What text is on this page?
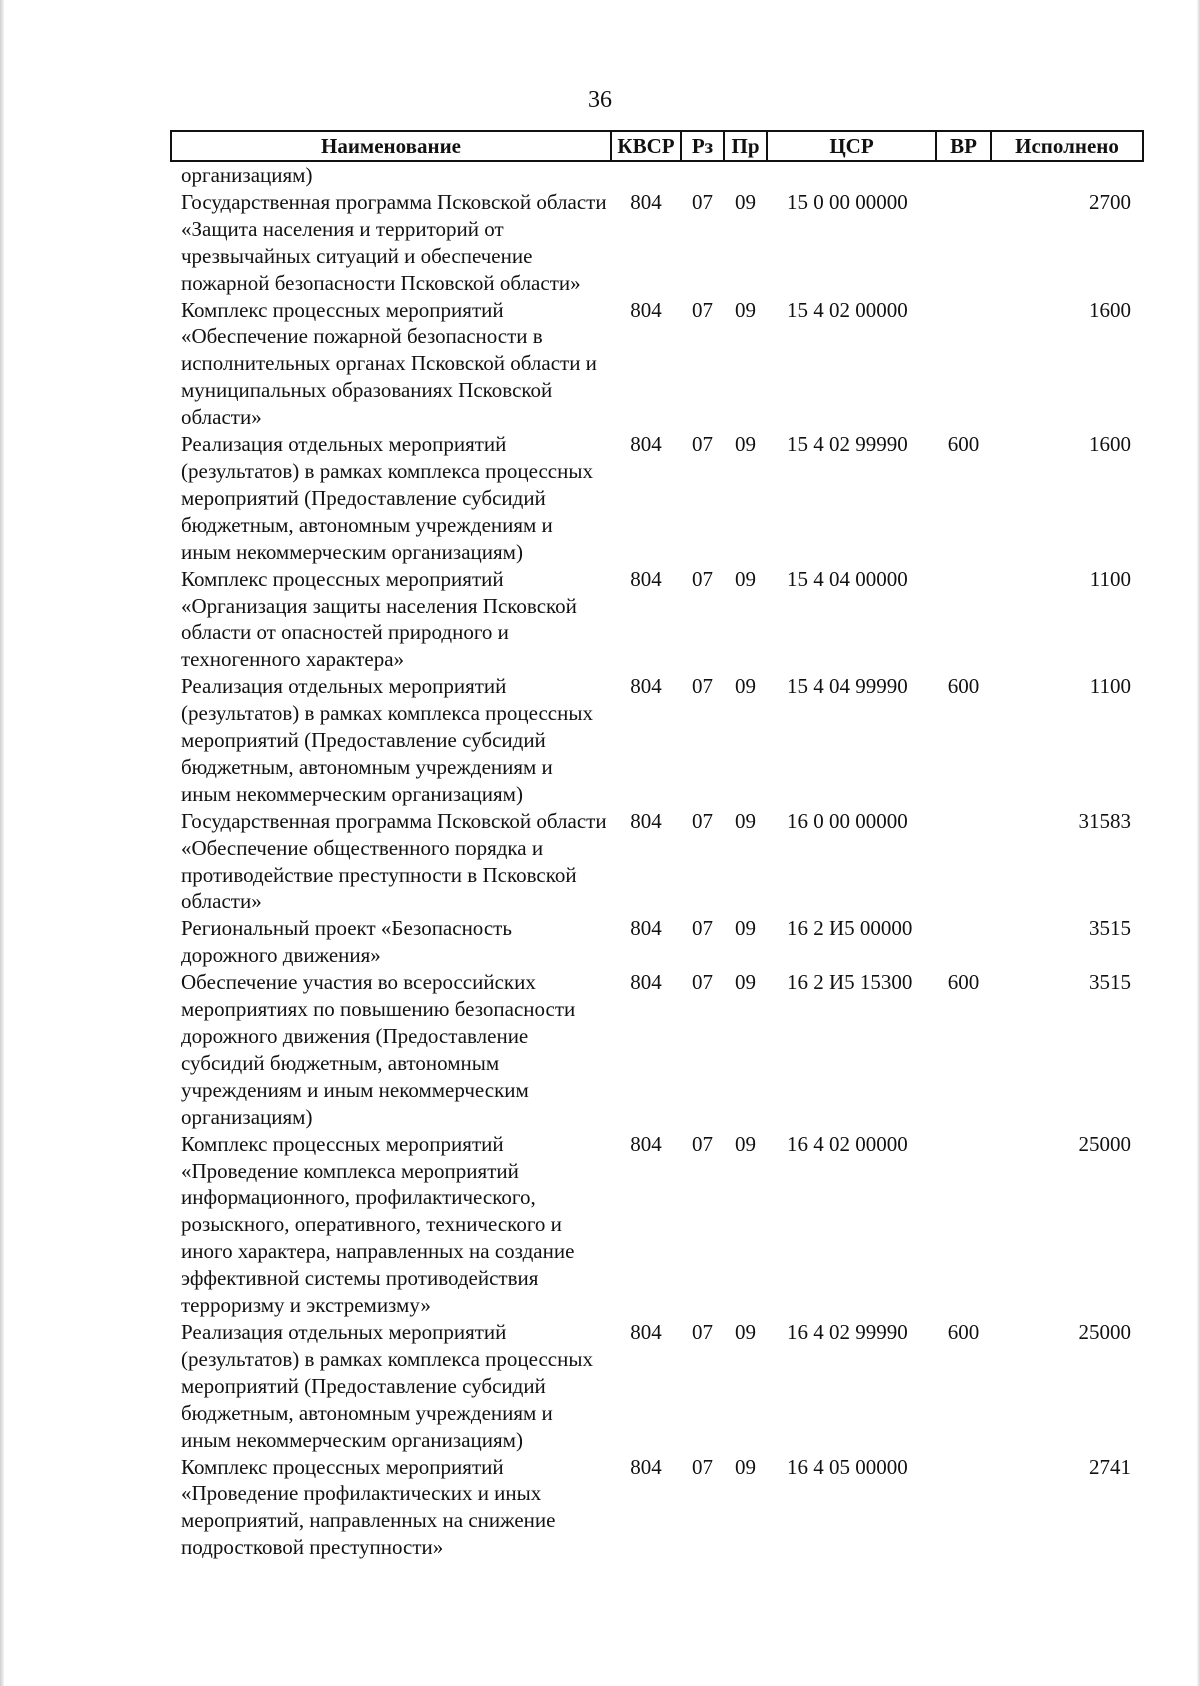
36
Наименование	КВСР	Рз	Пр	ЦСР	ВР	Исполнено
организациям)						
Государственная программа Псковской области «Защита населения и территорий от чрезвычайных ситуаций и обеспечение пожарной безопасности Псковской области»	804	07	09	15 0 00 00000		2700
Комплекс процессных мероприятий «Обеспечение пожарной безопасности в исполнительных органах Псковской области и муниципальных образованиях Псковской области»	804	07	09	15 4 02 00000		1600
Реализация отдельных мероприятий (результатов) в рамках комплекса процессных мероприятий (Предоставление субсидий бюджетным, автономным учреждениям и иным некоммерческим организациям)	804	07	09	15 4 02 99990	600	1600
Комплекс процессных мероприятий «Организация защиты населения Псковской области от опасностей природного и техногенного характера»	804	07	09	15 4 04 00000		1100
Реализация отдельных мероприятий (результатов) в рамках комплекса процессных мероприятий (Предоставление субсидий бюджетным, автономным учреждениям и иным некоммерческим организациям)	804	07	09	15 4 04 99990	600	1100
Государственная программа Псковской области «Обеспечение общественного порядка и противодействие преступности в Псковской области»	804	07	09	16 0 00 00000		31583
Региональный проект «Безопасность дорожного движения»	804	07	09	16 2 И5 00000		3515
Обеспечение участия во всероссийских мероприятиях по повышению безопасности дорожного движения (Предоставление субсидий бюджетным, автономным учреждениям и иным некоммерческим организациям)	804	07	09	16 2 И5 15300	600	3515
Комплекс процессных мероприятий «Проведение комплекса мероприятий информационного, профилактического, розыскного, оперативного, технического и иного характера, направленных на создание эффективной системы противодействия терроризму и экстремизму»	804	07	09	16 4 02 00000		25000
Реализация отдельных мероприятий (результатов) в рамках комплекса процессных мероприятий (Предоставление субсидий бюджетным, автономным учреждениям и иным некоммерческим организациям)	804	07	09	16 4 02 99990	600	25000
Комплекс процессных мероприятий «Проведение профилактических и иных мероприятий, направленных на снижение подростковой преступности»	804	07	09	16 4 05 00000		2741
